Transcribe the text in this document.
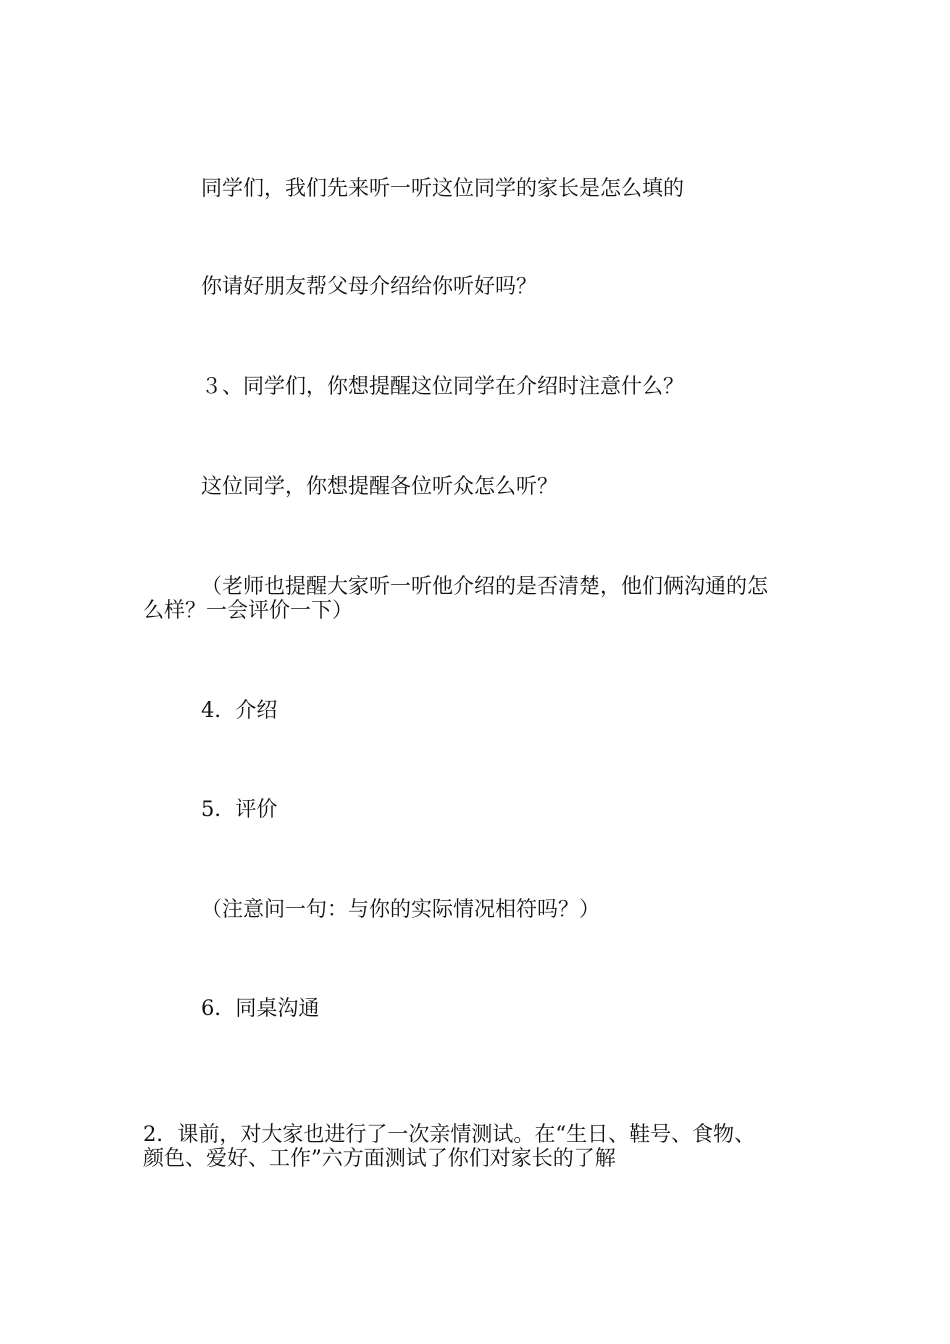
同学们，我们先来听一听这位同学的家长是怎么填的

你请好朋友帮父母介绍给你听好吗？

３、同学们，你想提醒这位同学在介绍时注意什么？

这位同学，你想提醒各位听众怎么听？

（老师也提醒大家听一听他介绍的是否清楚，他们俩沟通的怎
么样？一会评价一下）

4．介绍

5．评价

（注意问一句：与你的实际情况相符吗？）

6．同桌沟通

2．课前，对大家也进行了一次亲情测试。在“生日、鞋号、食物、
颜色、爱好、工作”六方面测试了你们对家长的了解
